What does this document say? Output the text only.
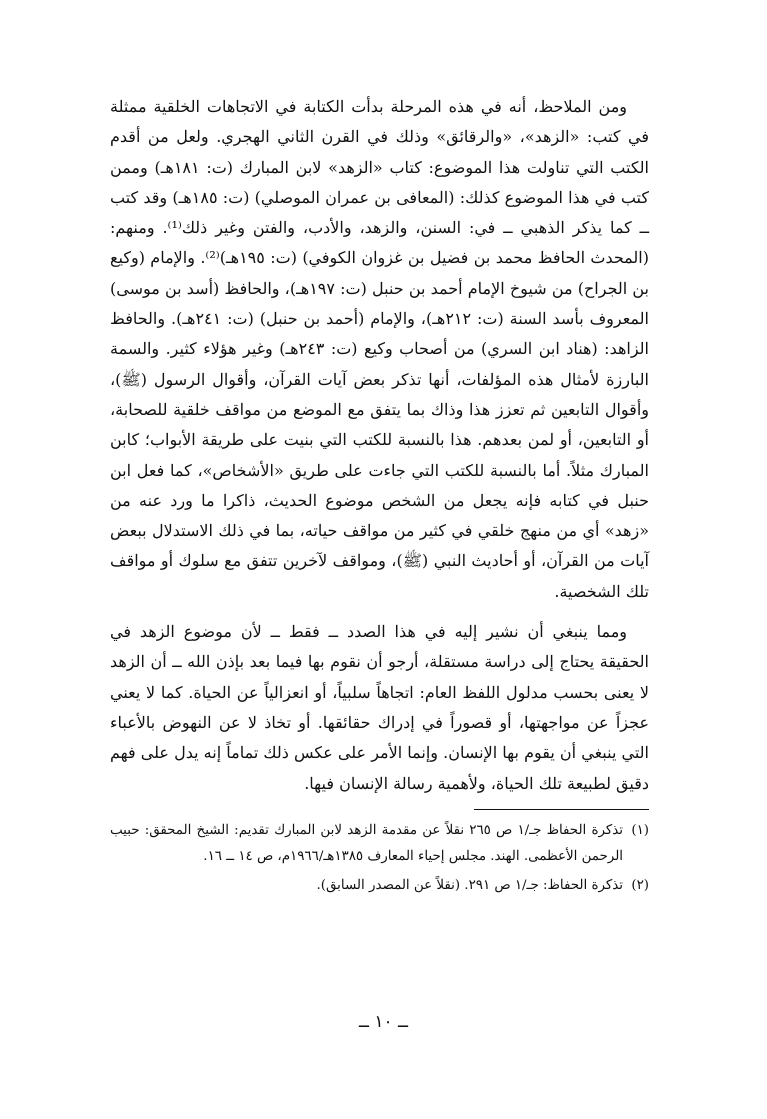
ومن الملاحظ، أنه في هذه المرحلة بدأت الكتابة في الاتجاهات الخلقية ممثلة في كتب: «الزهد»، «والرقائق» وذلك في القرن الثاني الهجري. ولعل من أقدم الكتب التي تناولت هذا الموضوع: كتاب «الزهد» لابن المبارك (ت: ١٨١هـ) وممن كتب في هذا الموضوع كذلك: (المعافى بن عمران الموصلي) (ت: ١٨٥هـ) وقد كتب ــ كما يذكر الذهبي ــ في: السنن، والزهد، والأدب، والفتن وغير ذلك⁽¹⁾. ومنهم: (المحدث الحافظ محمد بن فضيل بن غزوان الكوفي) (ت: ١٩٥هـ)⁽²⁾. والإمام (وكيع بن الجراح) من شيوخ الإمام أحمد بن حنبل (ت: ١٩٧هـ)، والحافظ (أسد بن موسى) المعروف بأسد السنة (ت: ٢١٢هـ)، والإمام (أحمد بن حنبل) (ت: ٢٤١هـ). والحافظ الزاهد: (هناد ابن السري) من أصحاب وكيع (ت: ٢٤٣هـ) وغير هؤلاء كثير. والسمة البارزة لأمثال هذه المؤلفات، أنها تذكر بعض آيات القرآن، وأقوال الرسول (ﷺ)، وأقوال التابعين ثم تعزز هذا وذاك بما يتفق مع الموضع من مواقف خلقية للصحابة، أو التابعين، أو لمن بعدهم. هذا بالنسبة للكتب التي بنيت على طريقة الأبواب؛ كابن المبارك مثلاً. أما بالنسبة للكتب التي جاءت على طريق «الأشخاص»، كما فعل ابن حنبل في كتابه فإنه يجعل من الشخص موضوع الحديث، ذاكرا ما ورد عنه من «زهد» أي من منهج خلقي في كثير من مواقف حياته، بما في ذلك الاستدلال ببعض آيات من القرآن، أو أحاديث النبي (ﷺ)، ومواقف لآخرين تتفق مع سلوك أو مواقف تلك الشخصية.

ومما ينبغي أن نشير إليه في هذا الصدد ــ فقط ــ لأن موضوع الزهد في الحقيقة يحتاج إلى دراسة مستقلة، أرجو أن نقوم بها فيما بعد بإذن الله ــ أن الزهد لا يعنى بحسب مدلول اللفظ العام: اتجاهاً سلبياً، أو انعزالياً عن الحياة. كما لا يعني عجزاً عن مواجهتها، أو قصوراً في إدراك حقائقها. أو تخاذ لا عن النهوض بالأعباء التي ينبغي أن يقوم بها الإنسان. وإنما الأمر على عكس ذلك تماماً إنه يدل على فهم دقيق لطبيعة تلك الحياة، ولأهمية رسالة الإنسان فيها.

(١)تذكرة الحفاظ جـ/١ ص ٢٦٥ نقلاً عن مقدمة الزهد لابن المبارك تقديم: الشيخ المحقق: حبيب الرحمن الأعظمى. الهند. مجلس إحياء المعارف ١٣٨٥هـ/١٩٦٦م، ص ١٤ ــ ١٦.

(٢)تذكرة الحفاظ: جـ/١ ص ٢٩١. (نقلاً عن المصدر السابق).

ــ ١٠ ــ
